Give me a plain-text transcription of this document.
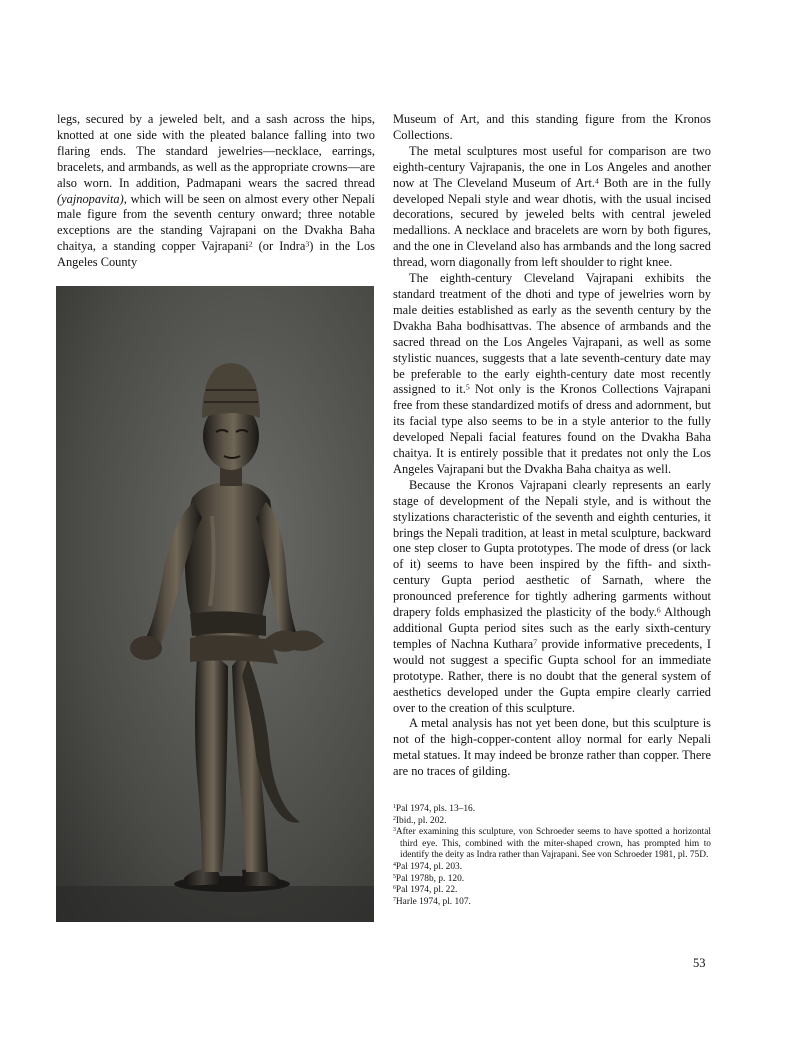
legs, secured by a jeweled belt, and a sash across the hips, knotted at one side with the pleated balance falling into two flaring ends. The standard jewelries—necklace, earrings, bracelets, and armbands, as well as the appropriate crowns—are also worn. In addition, Padmapani wears the sacred thread (yajnopavita), which will be seen on almost every other Nepali male figure from the seventh century onward; three notable exceptions are the standing Vajrapani on the Dvakha Baha chaitya, a standing copper Vajrapani$^2$ (or Indra$^3$) in the Los Angeles County

Museum of Art, and this standing figure from the Kronos Collections.

The metal sculptures most useful for comparison are two eighth-century Vajrapanis, the one in Los Angeles and another now at The Cleveland Museum of Art.$^4$ Both are in the fully developed Nepali style and wear dhotis, with the usual incised decorations, secured by jeweled belts with central jeweled medallions. A necklace and bracelets are worn by both figures, and the one in Cleveland also has armbands and the long sacred thread, worn diagonally from left shoulder to right knee.

The eighth-century Cleveland Vajrapani exhibits the standard treatment of the dhoti and type of jewelries worn by male deities established as early as the seventh century by the Dvakha Baha bodhisattvas. The absence of armbands and the sacred thread on the Los Angeles Vajrapani, as well as some stylistic nuances, suggests that a late seventh-century date may be preferable to the early eighth-century date most recently assigned to it.$^5$ Not only is the Kronos Collections Vajrapani free from these standardized motifs of dress and adornment, but its facial type also seems to be in a style anterior to the fully developed Nepali facial features found on the Dvakha Baha chaitya. It is entirely possible that it predates not only the Los Angeles Vajrapani but the Dvakha Baha chaitya as well.

Because the Kronos Vajrapani clearly represents an early stage of development of the Nepali style, and is without the stylizations characteristic of the seventh and eighth centuries, it brings the Nepali tradition, at least in metal sculpture, backward one step closer to Gupta prototypes. The mode of dress (or lack of it) seems to have been inspired by the fifth- and sixth-century Gupta period aesthetic of Sarnath, where the pronounced preference for tightly adhering garments without drapery folds emphasized the plasticity of the body.$^6$ Although additional Gupta period sites such as the early sixth-century temples of Nachna Kuthara$^7$ provide informative precedents, I would not suggest a specific Gupta school for an immediate prototype. Rather, there is no doubt that the general system of aesthetics developed under the Gupta empire clearly carried over to the creation of this sculpture.

A metal analysis has not yet been done, but this sculpture is not of the high-copper-content alloy normal for early Nepali metal statues. It may indeed be bronze rather than copper. There are no traces of gilding.

$^1$Pal 1974, pls. 13–16.
$^2$Ibid., pl. 202.
$^3$After examining this sculpture, von Schroeder seems to have spotted a horizontal third eye. This, combined with the miter-shaped crown, has prompted him to identify the deity as Indra rather than Vajrapani. See von Schroeder 1981, pl. 75D.
$^4$Pal 1974, pl. 203.
$^5$Pal 1978b, p. 120.
$^6$Pal 1974, pl. 22.
$^7$Harle 1974, pl. 107.
53
